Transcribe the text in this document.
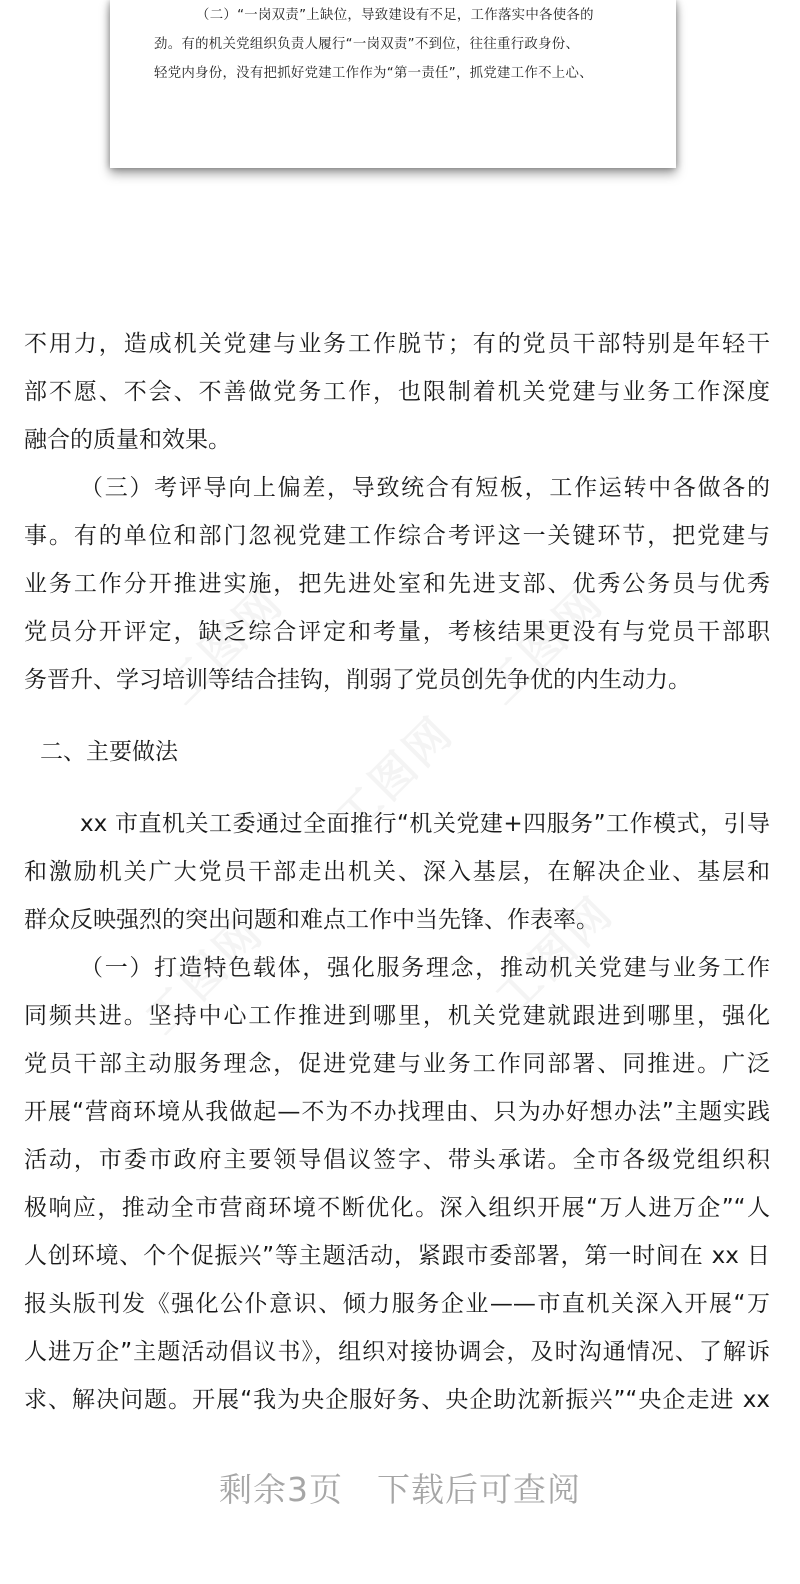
（二）“一岗双责”上缺位，导致建设有不足，工作落实中各使各的
劲。有的机关党组织负责人履行“一岗双责”不到位，往往重行政身份、
轻党内身份，没有把抓好党建工作作为“第一责任”，抓党建工作不上心、
不用力，造成机关党建与业务工作脱节；有的党员干部特别是年轻干
部不愿、不会、不善做党务工作，也限制着机关党建与业务工作深度
融合的质量和效果。
（三）考评导向上偏差，导致统合有短板，工作运转中各做各的
事。有的单位和部门忽视党建工作综合考评这一关键环节，把党建与
业务工作分开推进实施，把先进处室和先进支部、优秀公务员与优秀
党员分开评定，缺乏综合评定和考量，考核结果更没有与党员干部职
务晋升、学习培训等结合挂钩，削弱了党员创先争优的内生动力。
二、主要做法
xx 市直机关工委通过全面推行“机关党建+四服务”工作模式，引导
和激励机关广大党员干部走出机关、深入基层，在解决企业、基层和
群众反映强烈的突出问题和难点工作中当先锋、作表率。
（一）打造特色载体，强化服务理念，推动机关党建与业务工作
同频共进。坚持中心工作推进到哪里，机关党建就跟进到哪里，强化
党员干部主动服务理念，促进党建与业务工作同部署、同推进。广泛
开展“营商环境从我做起—不为不办找理由、只为办好想办法”主题实践
活动，市委市政府主要领导倡议签字、带头承诺。全市各级党组织积
极响应，推动全市营商环境不断优化。深入组织开展“万人进万企”“人
人创环境、个个促振兴”等主题活动，紧跟市委部署，第一时间在 xx 日
报头版刊发《强化公仆意识、倾力服务企业——市直机关深入开展“万
人进万企”主题活动倡议书》，组织对接协调会，及时沟通情况、了解诉
求、解决问题。开展“我为央企服好务、央企助沈新振兴”“央企走进 xx
剩余3页 下载后可查阅
